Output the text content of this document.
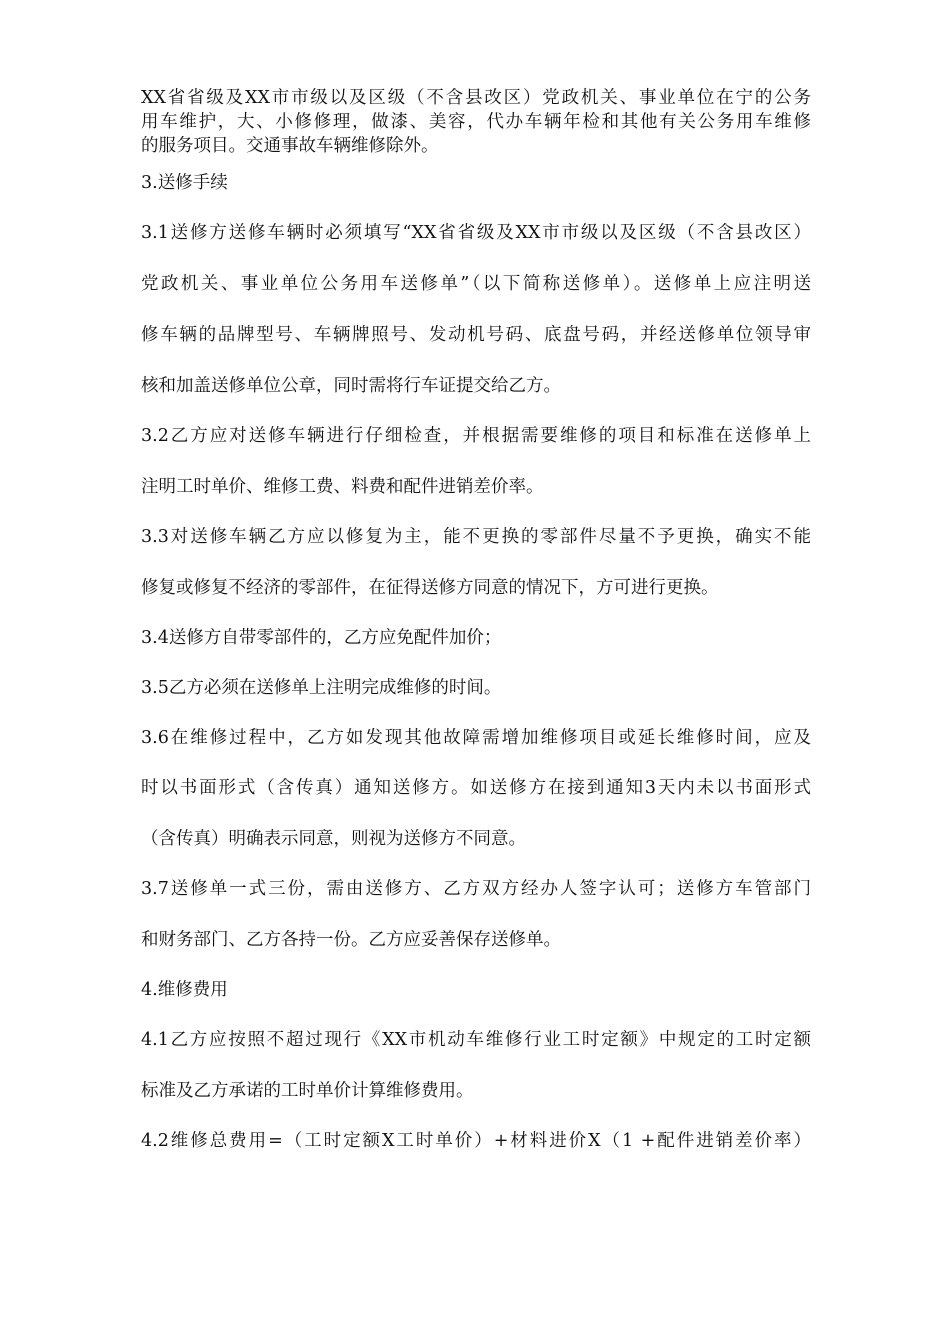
XX省省级及XX市市级以及区级（不含县改区）党政机关、事业单位在宁的公务

用车维护，大、小修修理，做漆、美容，代办车辆年检和其他有关公务用车维修

的服务项目。交通事故车辆维修除外。

3.送修手续

3.1送修方送修车辆时必须填写“XX省省级及XX市市级以及区级（不含县改区）

党政机关、事业单位公务用车送修单”（以下简称送修单）。送修单上应注明送

修车辆的品牌型号、车辆牌照号、发动机号码、底盘号码，并经送修单位领导审

核和加盖送修单位公章，同时需将行车证提交给乙方。

3.2乙方应对送修车辆进行仔细检查，并根据需要维修的项目和标准在送修单上

注明工时单价、维修工费、料费和配件进销差价率。

3.3对送修车辆乙方应以修复为主，能不更换的零部件尽量不予更换，确实不能

修复或修复不经济的零部件，在征得送修方同意的情况下，方可进行更换。

3.4送修方自带零部件的，乙方应免配件加价；

3.5乙方必须在送修单上注明完成维修的时间。

3.6在维修过程中，乙方如发现其他故障需增加维修项目或延长维修时间，应及

时以书面形式（含传真）通知送修方。如送修方在接到通知3天内未以书面形式

（含传真）明确表示同意，则视为送修方不同意。

3.7送修单一式三份，需由送修方、乙方双方经办人签字认可；送修方车管部门

和财务部门、乙方各持一份。乙方应妥善保存送修单。

4.维修费用

4.1乙方应按照不超过现行《XX市机动车维修行业工时定额》中规定的工时定额

标准及乙方承诺的工时单价计算维修费用。

4.2维修总费用=（工时定额X工时单价）+材料进价X（1 +配件进销差价率）
